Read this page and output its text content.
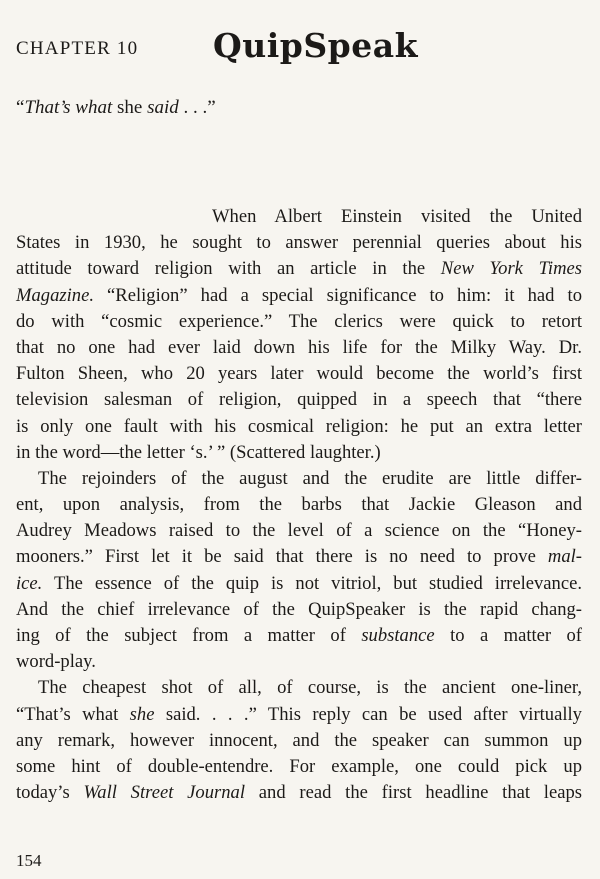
CHAPTER 10 QuipSpeak
“That’s what she said . . .”
When Albert Einstein visited the United
States in 1930, he sought to answer perennial queries about his
attitude toward religion with an article in the New York Times
Magazine. “Religion” had a special significance to him: it had to
do with “cosmic experience.” The clerics were quick to retort
that no one had ever laid down his life for the Milky Way. Dr.
Fulton Sheen, who 20 years later would become the world’s first
television salesman of religion, quipped in a speech that “there
is only one fault with his cosmical religion: he put an extra letter
in the word—the letter ‘s.’ ” (Scattered laughter.)
The rejoinders of the august and the erudite are little differ-
ent, upon analysis, from the barbs that Jackie Gleason and
Audrey Meadows raised to the level of a science on the “Honey-
mooners.” First let it be said that there is no need to prove mal-
ice. The essence of the quip is not vitriol, but studied irrelevance.
And the chief irrelevance of the QuipSpeaker is the rapid chang-
ing of the subject from a matter of substance to a matter of
word-play.
The cheapest shot of all, of course, is the ancient one-liner,
“That’s what she said. . . .” This reply can be used after virtually
any remark, however innocent, and the speaker can summon up
some hint of double-entendre. For example, one could pick up
today’s Wall Street Journal and read the first headline that leaps
154
